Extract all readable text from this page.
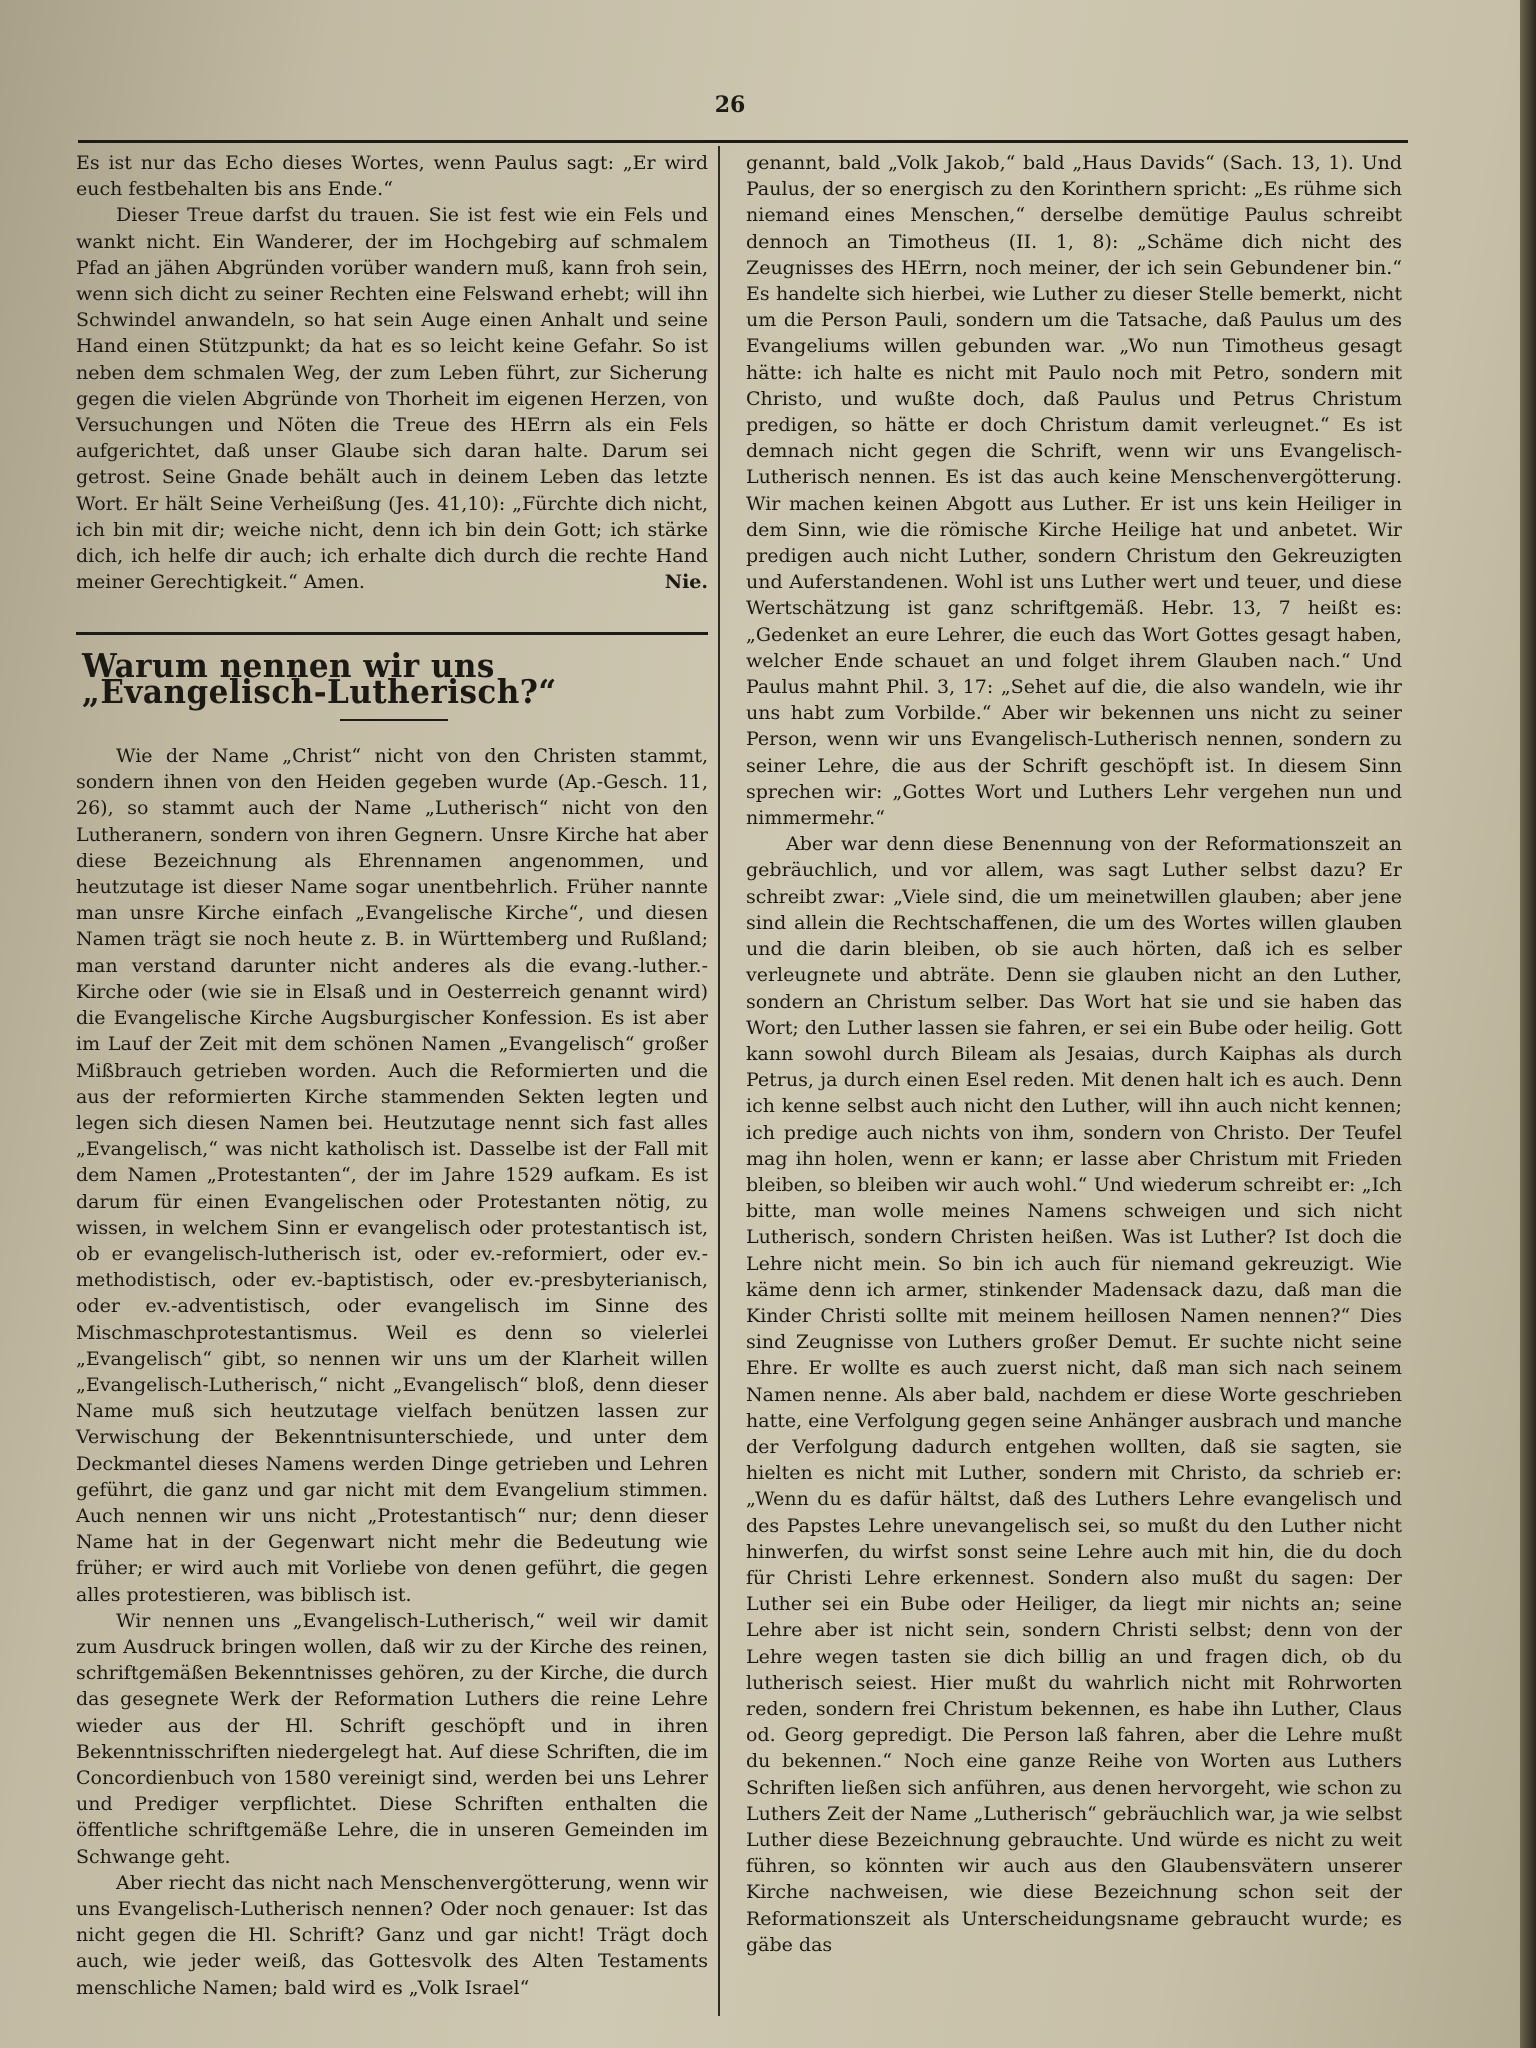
26

Es ist nur das Echo dieses Wortes, wenn Paulus sagt: „Er wird euch festbehalten bis ans Ende.“

Dieser Treue darfst du trauen. Sie ist fest wie ein Fels und wankt nicht. Ein Wanderer, der im Hochgebirg auf schmalem Pfad an jähen Abgründen vorüber wandern muß, kann froh sein, wenn sich dicht zu seiner Rechten eine Felswand erhebt; will ihn Schwindel anwandeln, so hat sein Auge einen Anhalt und seine Hand einen Stützpunkt; da hat es so leicht keine Gefahr. So ist neben dem schmalen Weg, der zum Leben führt, zur Sicherung gegen die vielen Abgründe von Thorheit im eigenen Herzen, von Versuchungen und Nöten die Treue des HErrn als ein Fels aufgerichtet, daß unser Glaube sich daran halte. Darum sei getrost. Seine Gnade behält auch in deinem Leben das letzte Wort. Er hält Seine Verheißung (Jes. 41,10): „Fürchte dich nicht, ich bin mit dir; weiche nicht, denn ich bin dein Gott; ich stärke dich, ich helfe dir auch; ich erhalte dich durch die rechte Hand meiner Gerechtigkeit.“ Amen.	Nie.
Warum nennen wir uns „Evangelisch-Lutherisch?“

Wie der Name „Christ“ nicht von den Christen stammt, sondern ihnen von den Heiden gegeben wurde (Ap.-Gesch. 11, 26), so stammt auch der Name „Lutherisch“ nicht von den Lutheranern, sondern von ihren Gegnern. Unsre Kirche hat aber diese Bezeichnung als Ehrennamen angenommen, und heutzutage ist dieser Name sogar unentbehrlich. Früher nannte man unsre Kirche einfach „Evangelische Kirche“, und diesen Namen trägt sie noch heute z. B. in Württemberg und Rußland; man verstand darunter nicht anderes als die evang.-luther.-Kirche oder (wie sie in Elsaß und in Oesterreich genannt wird) die Evangelische Kirche Augsburgischer Konfession. Es ist aber im Lauf der Zeit mit dem schönen Namen „Evangelisch“ großer Mißbrauch getrieben worden. Auch die Reformierten und die aus der reformierten Kirche stammenden Sekten legten und legen sich diesen Namen bei. Heutzutage nennt sich fast alles „Evangelisch,“ was nicht katholisch ist. Dasselbe ist der Fall mit dem Namen „Protestanten“, der im Jahre 1529 aufkam. Es ist darum für einen Evangelischen oder Protestanten nötig, zu wissen, in welchem Sinn er evangelisch oder protestantisch ist, ob er evangelisch-lutherisch ist, oder ev.-reformiert, oder ev.-methodistisch, oder ev.-baptistisch, oder ev.-presbyterianisch, oder ev.-adventistisch, oder evangelisch im Sinne des Mischmaschprotestantismus. Weil es denn so vielerlei „Evangelisch“ gibt, so nennen wir uns um der Klarheit willen „Evangelisch-Lutherisch,“ nicht „Evangelisch“ bloß, denn dieser Name muß sich heutzutage vielfach benützen lassen zur Verwischung der Bekenntnisunterschiede, und unter dem Deckmantel dieses Namens werden Dinge getrieben und Lehren geführt, die ganz und gar nicht mit dem Evangelium stimmen. Auch nennen wir uns nicht „Protestantisch“ nur; denn dieser Name hat in der Gegenwart nicht mehr die Bedeutung wie früher; er wird auch mit Vorliebe von denen geführt, die gegen alles protestieren, was biblisch ist.

Wir nennen uns „Evangelisch-Lutherisch,“ weil wir damit zum Ausdruck bringen wollen, daß wir zu der Kirche des reinen, schriftgemäßen Bekenntnisses gehören, zu der Kirche, die durch das gesegnete Werk der Reformation Luthers die reine Lehre wieder aus der Hl. Schrift geschöpft und in ihren Bekenntnisschriften niedergelegt hat. Auf diese Schriften, die im Concordienbuch von 1580 vereinigt sind, werden bei uns Lehrer und Prediger verpflichtet. Diese Schriften enthalten die öffentliche schriftgemäße Lehre, die in unseren Gemeinden im Schwange geht.

Aber riecht das nicht nach Menschenvergötterung, wenn wir uns Evangelisch-Lutherisch nennen? Oder noch genauer: Ist das nicht gegen die Hl. Schrift? Ganz und gar nicht! Trägt doch auch, wie jeder weiß, das Gottesvolk des Alten Testaments menschliche Namen; bald wird es „Volk Israel“

genannt, bald „Volk Jakob,“ bald „Haus Davids“ (Sach. 13, 1). Und Paulus, der so energisch zu den Korinthern spricht: „Es rühme sich niemand eines Menschen,“ derselbe demütige Paulus schreibt dennoch an Timotheus (II. 1, 8): „Schäme dich nicht des Zeugnisses des HErrn, noch meiner, der ich sein Gebundener bin.“ Es handelte sich hierbei, wie Luther zu dieser Stelle bemerkt, nicht um die Person Pauli, sondern um die Tatsache, daß Paulus um des Evangeliums willen gebunden war. „Wo nun Timotheus gesagt hätte: ich halte es nicht mit Paulo noch mit Petro, sondern mit Christo, und wußte doch, daß Paulus und Petrus Christum predigen, so hätte er doch Christum damit verleugnet.“ Es ist demnach nicht gegen die Schrift, wenn wir uns Evangelisch-Lutherisch nennen. Es ist das auch keine Menschenvergötterung. Wir machen keinen Abgott aus Luther. Er ist uns kein Heiliger in dem Sinn, wie die römische Kirche Heilige hat und anbetet. Wir predigen auch nicht Luther, sondern Christum den Gekreuzigten und Auferstandenen. Wohl ist uns Luther wert und teuer, und diese Wertschätzung ist ganz schriftgemäß. Hebr. 13, 7 heißt es: „Gedenket an eure Lehrer, die euch das Wort Gottes gesagt haben, welcher Ende schauet an und folget ihrem Glauben nach.“ Und Paulus mahnt Phil. 3, 17: „Sehet auf die, die also wandeln, wie ihr uns habt zum Vorbilde.“ Aber wir bekennen uns nicht zu seiner Person, wenn wir uns Evangelisch-Lutherisch nennen, sondern zu seiner Lehre, die aus der Schrift geschöpft ist. In diesem Sinn sprechen wir: „Gottes Wort und Luthers Lehr vergehen nun und nimmermehr.“

Aber war denn diese Benennung von der Reformationszeit an gebräuchlich, und vor allem, was sagt Luther selbst dazu? Er schreibt zwar: „Viele sind, die um meinetwillen glauben; aber jene sind allein die Rechtschaffenen, die um des Wortes willen glauben und die darin bleiben, ob sie auch hörten, daß ich es selber verleugnete und abträte. Denn sie glauben nicht an den Luther, sondern an Christum selber. Das Wort hat sie und sie haben das Wort; den Luther lassen sie fahren, er sei ein Bube oder heilig. Gott kann sowohl durch Bileam als Jesaias, durch Kaiphas als durch Petrus, ja durch einen Esel reden. Mit denen halt ich es auch. Denn ich kenne selbst auch nicht den Luther, will ihn auch nicht kennen; ich predige auch nichts von ihm, sondern von Christo. Der Teufel mag ihn holen, wenn er kann; er lasse aber Christum mit Frieden bleiben, so bleiben wir auch wohl.“ Und wiederum schreibt er: „Ich bitte, man wolle meines Namens schweigen und sich nicht Lutherisch, sondern Christen heißen. Was ist Luther? Ist doch die Lehre nicht mein. So bin ich auch für niemand gekreuzigt. Wie käme denn ich armer, stinkender Madensack dazu, daß man die Kinder Christi sollte mit meinem heillosen Namen nennen?“ Dies sind Zeugnisse von Luthers großer Demut. Er suchte nicht seine Ehre. Er wollte es auch zuerst nicht, daß man sich nach seinem Namen nenne. Als aber bald, nachdem er diese Worte geschrieben hatte, eine Verfolgung gegen seine Anhänger ausbrach und manche der Verfolgung dadurch entgehen wollten, daß sie sagten, sie hielten es nicht mit Luther, sondern mit Christo, da schrieb er: „Wenn du es dafür hältst, daß des Luthers Lehre evangelisch und des Papstes Lehre unevangelisch sei, so mußt du den Luther nicht hinwerfen, du wirfst sonst seine Lehre auch mit hin, die du doch für Christi Lehre erkennest. Sondern also mußt du sagen: Der Luther sei ein Bube oder Heiliger, da liegt mir nichts an; seine Lehre aber ist nicht sein, sondern Christi selbst; denn von der Lehre wegen tasten sie dich billig an und fragen dich, ob du lutherisch seiest. Hier mußt du wahrlich nicht mit Rohrworten reden, sondern frei Christum bekennen, es habe ihn Luther, Claus od. Georg gepredigt. Die Person laß fahren, aber die Lehre mußt du bekennen.“ Noch eine ganze Reihe von Worten aus Luthers Schriften ließen sich anführen, aus denen hervorgeht, wie schon zu Luthers Zeit der Name „Lutherisch“ gebräuchlich war, ja wie selbst Luther diese Bezeichnung gebrauchte. Und würde es nicht zu weit führen, so könnten wir auch aus den Glaubensvätern unserer Kirche nachweisen, wie diese Bezeichnung schon seit der Reformationszeit als Unterscheidungsname gebraucht wurde; es gäbe das
